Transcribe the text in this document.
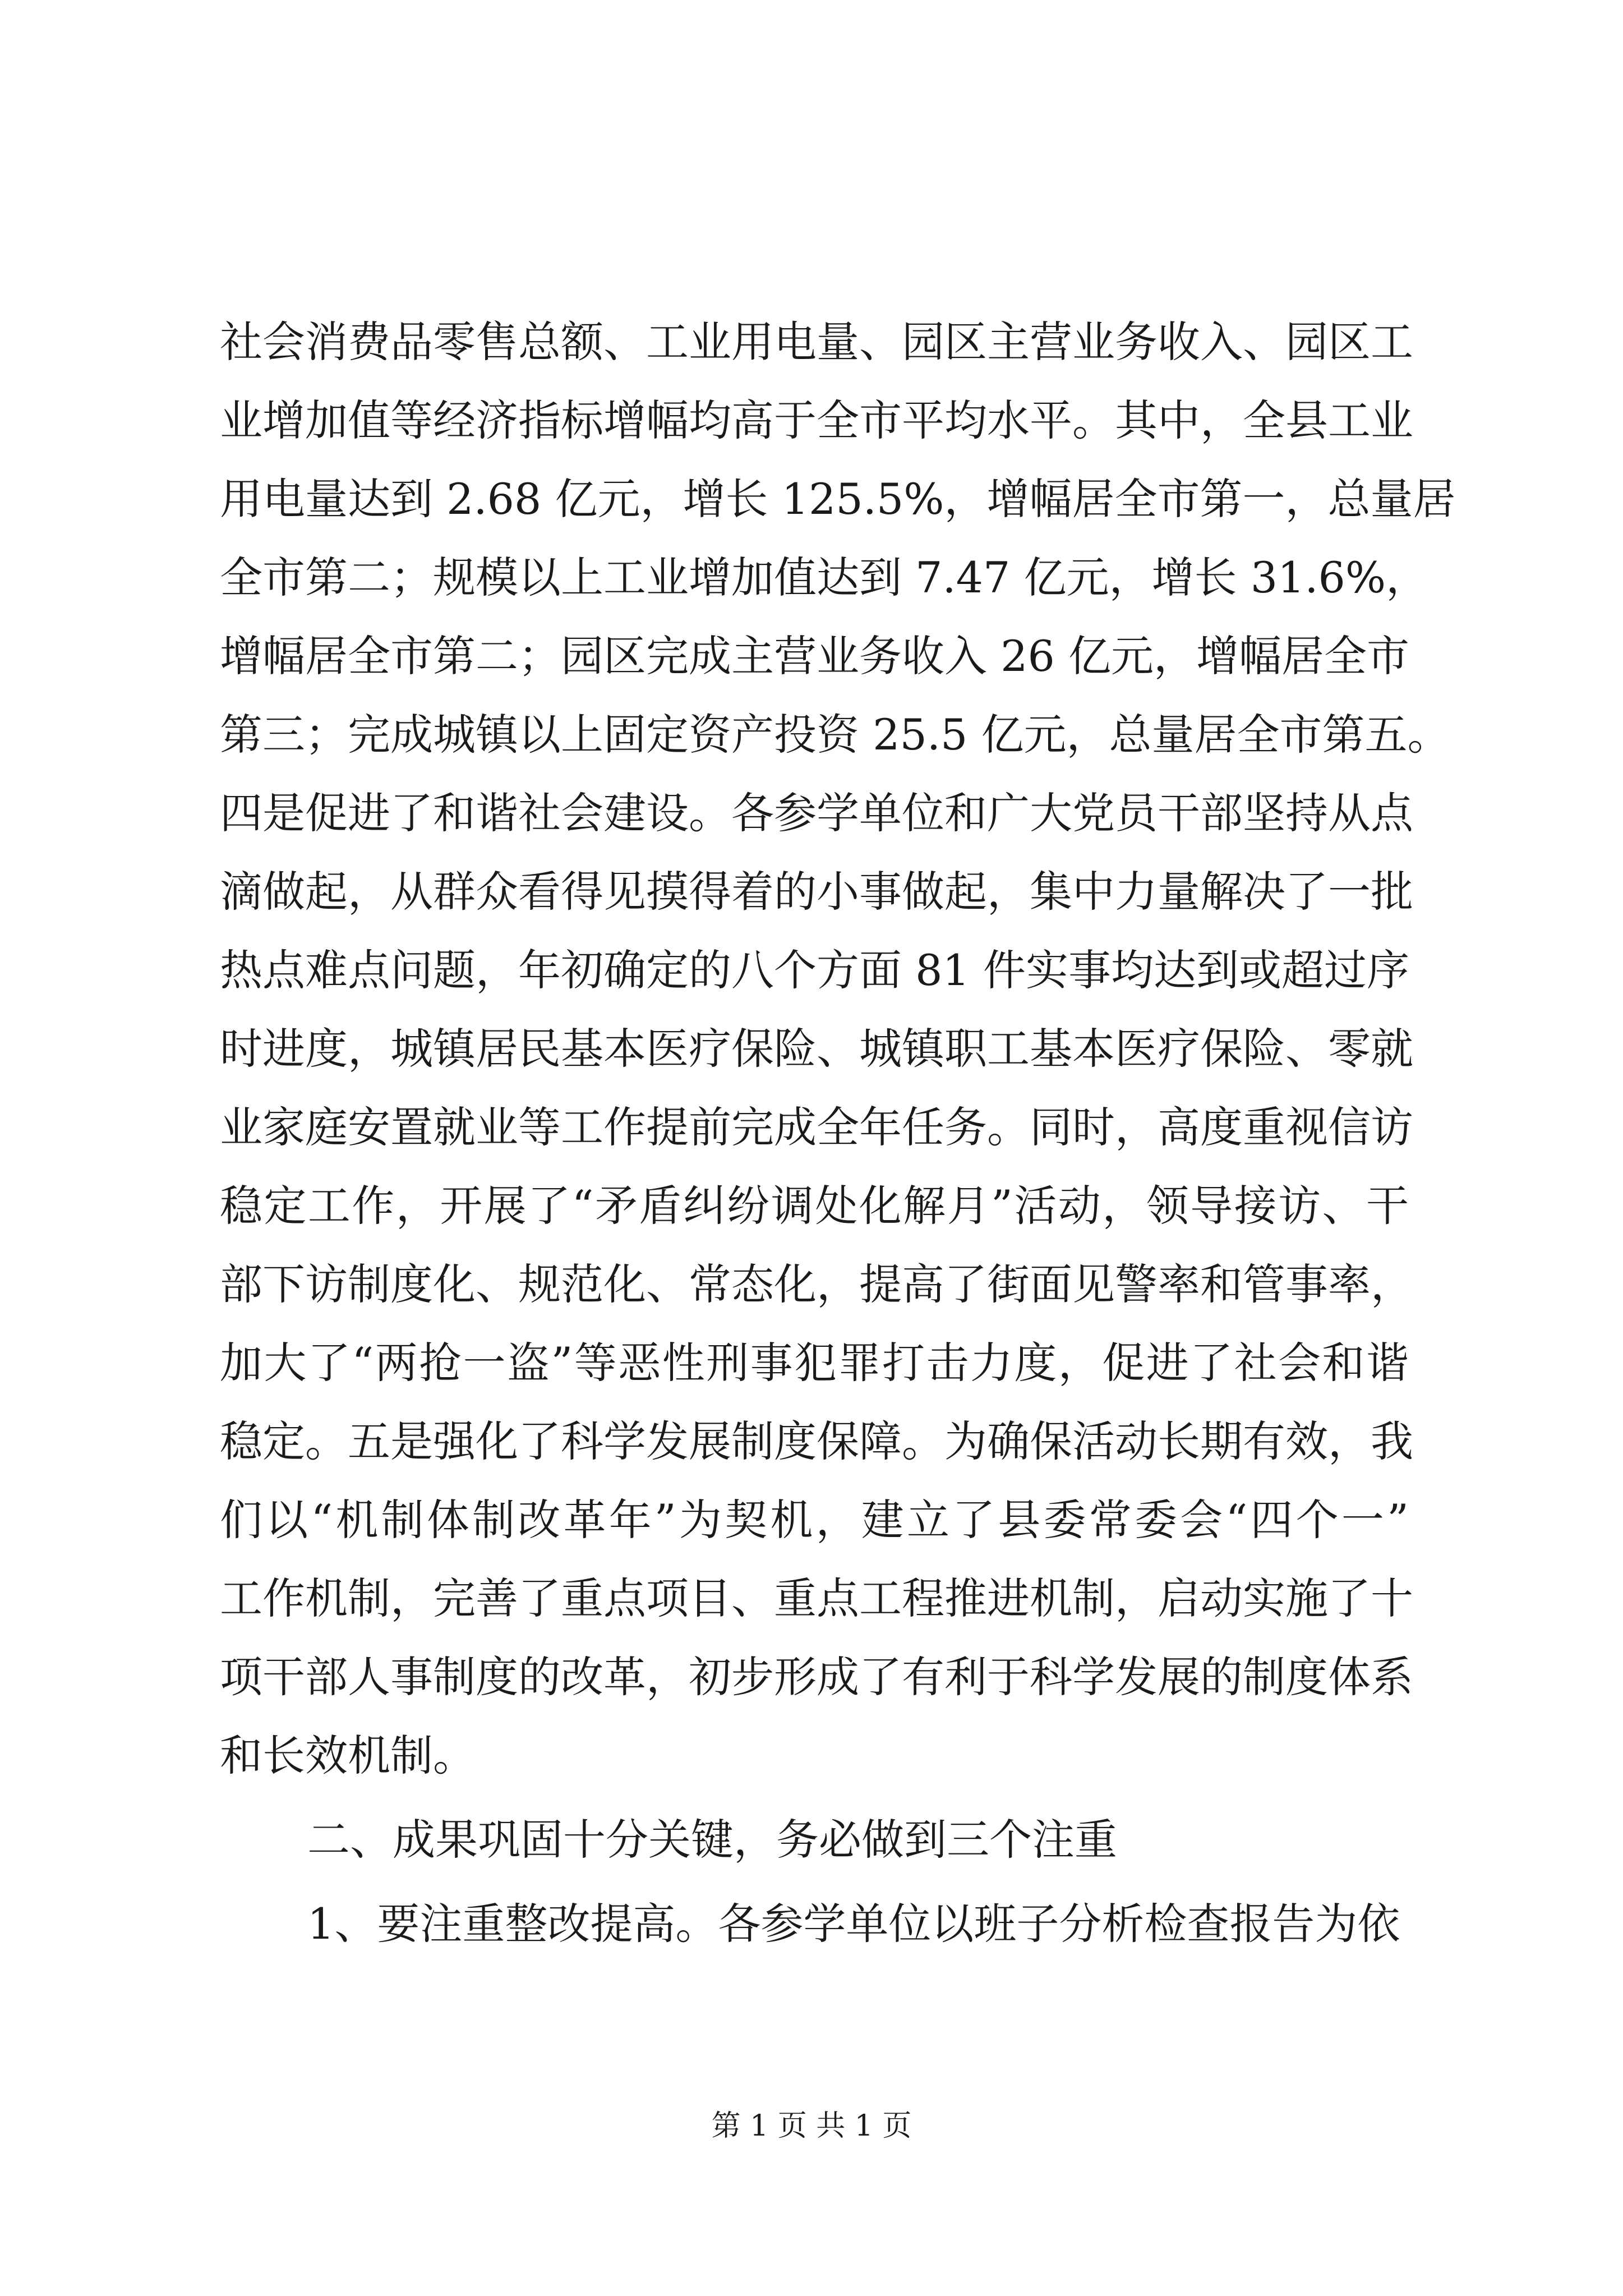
社会消费品零售总额、工业用电量、园区主营业务收入、园区工
业增加值等经济指标增幅均高于全市平均水平。其中，全县工业
用电量达到 2.68 亿元，增长 125.5%，增幅居全市第一，总量居
全市第二；规模以上工业增加值达到 7.47 亿元，增长 31.6%，
增幅居全市第二；园区完成主营业务收入 26 亿元，增幅居全市
第三；完成城镇以上固定资产投资 25.5 亿元，总量居全市第五。
四是促进了和谐社会建设。各参学单位和广大党员干部坚持从点
滴做起，从群众看得见摸得着的小事做起，集中力量解决了一批
热点难点问题，年初确定的八个方面 81 件实事均达到或超过序
时进度，城镇居民基本医疗保险、城镇职工基本医疗保险、零就
业家庭安置就业等工作提前完成全年任务。同时，高度重视信访
稳定工作，开展了“矛盾纠纷调处化解月”活动，领导接访、干
部下访制度化、规范化、常态化，提高了街面见警率和管事率，
加大了“两抢一盗”等恶性刑事犯罪打击力度，促进了社会和谐
稳定。五是强化了科学发展制度保障。为确保活动长期有效，我
们以“机制体制改革年”为契机，建立了县委常委会“四个一”
工作机制，完善了重点项目、重点工程推进机制，启动实施了十
项干部人事制度的改革，初步形成了有利于科学发展的制度体系
和长效机制。
二、成果巩固十分关键，务必做到三个注重
1、要注重整改提高。各参学单位以班子分析检查报告为依
第 1 页 共 1 页
